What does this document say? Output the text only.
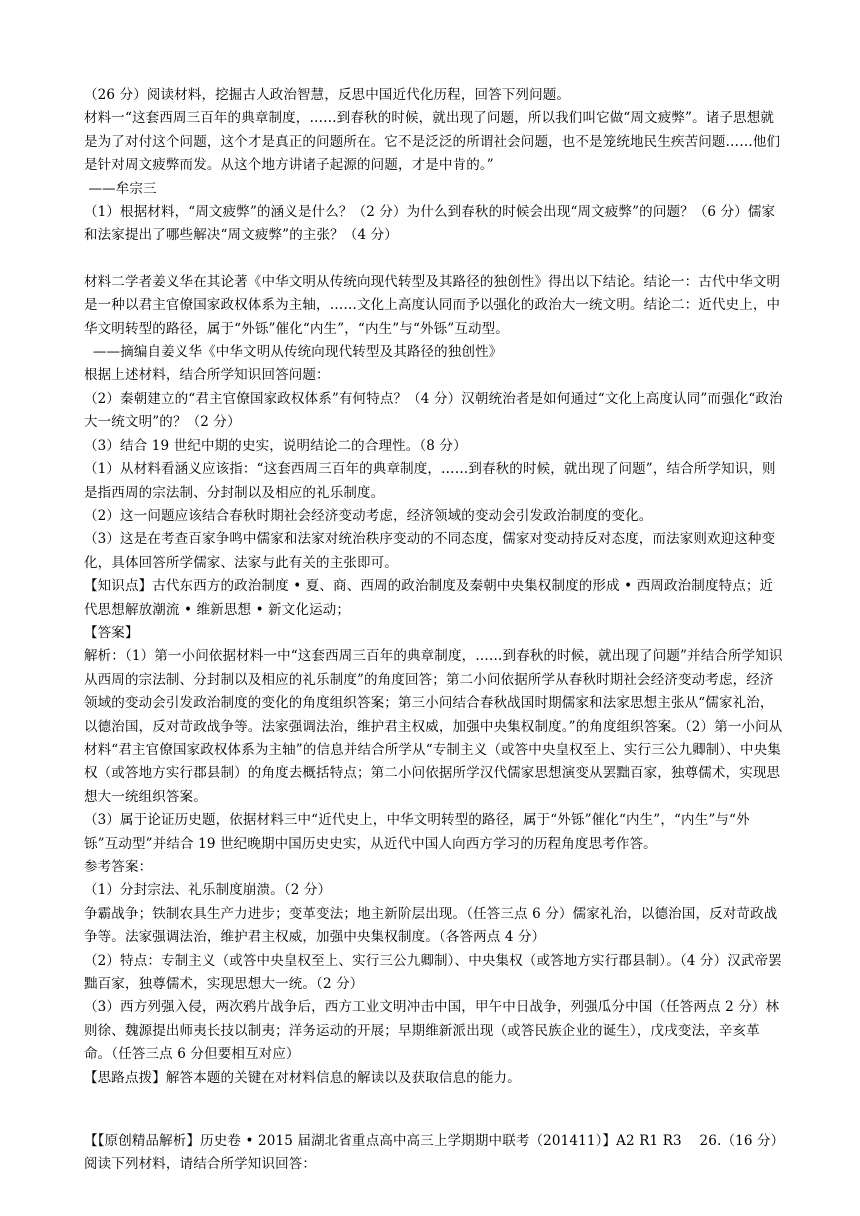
（26 分）阅读材料，挖掘古人政治智慧，反思中国近代化历程，回答下列问题。

材料一“这套西周三百年的典章制度，……到春秋的时候，就出现了问题，所以我们叫它做“周文疲弊”。诸子思想就是为了对付这个问题，这个才是真正的问题所在。它不是泛泛的所谓社会问题，也不是笼统地民生疾苦问题……他们是针对周文疲弊而发。从这个地方讲诸子起源的问题，才是中肯的。”

——牟宗三

（1）根据材料，“周文疲弊”的涵义是什么？（2 分）为什么到春秋的时候会出现“周文疲弊”的问题？（6 分）儒家和法家提出了哪些解决“周文疲弊”的主张？（4 分）

材料二学者姜义华在其论著《中华文明从传统向现代转型及其路径的独创性》得出以下结论。结论一：古代中华文明是一种以君主官僚国家政权体系为主轴，……文化上高度认同而予以强化的政治大一统文明。结论二：近代史上，中华文明转型的路径，属于“外铄”催化“内生”，“内生”与“外铄”互动型。

——摘编自姜义华《中华文明从传统向现代转型及其路径的独创性》

根据上述材料，结合所学知识回答问题：

（2）秦朝建立的“君主官僚国家政权体系”有何特点？（4 分）汉朝统治者是如何通过“文化上高度认同”而强化“政治大一统文明”的？（2 分）

（3）结合 19 世纪中期的史实，说明结论二的合理性。（8 分）

（1）从材料看涵义应该指：“这套西周三百年的典章制度，……到春秋的时候，就出现了问题”，结合所学知识，则是指西周的宗法制、分封制以及相应的礼乐制度。

（2）这一问题应该结合春秋时期社会经济变动考虑，经济领域的变动会引发政治制度的变化。

（3）这是在考查百家争鸣中儒家和法家对统治秩序变动的不同态度，儒家对变动持反对态度，而法家则欢迎这种变化，具体回答所学儒家、法家与此有关的主张即可。

【知识点】古代东西方的政治制度 • 夏、商、西周的政治制度及秦朝中央集权制度的形成 • 西周政治制度特点；近代思想解放潮流 • 维新思想 • 新文化运动；

【答案】

解析：（1）第一小问依据材料一中“这套西周三百年的典章制度，……到春秋的时候，就出现了问题”并结合所学知识从西周的宗法制、分封制以及相应的礼乐制度”的角度回答；第二小问依据所学从春秋时期社会经济变动考虑，经济领域的变动会引发政治制度的变化的角度组织答案；第三小问结合春秋战国时期儒家和法家思想主张从“儒家礼治，以德治国，反对苛政战争等。法家强调法治，维护君主权威，加强中央集权制度。”的角度组织答案。（2）第一小问从材料“君主官僚国家政权体系为主轴”的信息并结合所学从“专制主义（或答中央皇权至上、实行三公九卿制）、中央集权（或答地方实行郡县制）的角度去概括特点；第二小问依据所学汉代儒家思想演变从罢黜百家，独尊儒术，实现思想大一统组织答案。

（3）属于论证历史题，依据材料三中“近代史上，中华文明转型的路径，属于“外铄”催化“内生”，“内生”与“外铄”互动型”并结合 19 世纪晚期中国历史史实，从近代中国人向西方学习的历程角度思考作答。

参考答案：

（1）分封宗法、礼乐制度崩溃。（2 分）

争霸战争；铁制农具生产力进步；变革变法；地主新阶层出现。（任答三点 6 分）儒家礼治，以德治国，反对苛政战争等。法家强调法治，维护君主权威，加强中央集权制度。（各答两点 4 分）

（2）特点：专制主义（或答中央皇权至上、实行三公九卿制）、中央集权（或答地方实行郡县制）。（4 分）汉武帝罢黜百家，独尊儒术，实现思想大一统。（2 分）

（3）西方列强入侵，两次鸦片战争后，西方工业文明冲击中国，甲午中日战争，列强瓜分中国（任答两点 2 分）林则徐、魏源提出师夷长技以制夷；洋务运动的开展；早期维新派出现（或答民族企业的诞生），戊戌变法，辛亥革命。（任答三点 6 分但要相互对应）

【思路点拨】解答本题的关键在对材料信息的解读以及获取信息的能力。

【【原创精品解析】历史卷 • 2015 届湖北省重点高中高三上学期期中联考（201411）】A2 R1 R3    26.（16 分）阅读下列材料，请结合所学知识回答：
